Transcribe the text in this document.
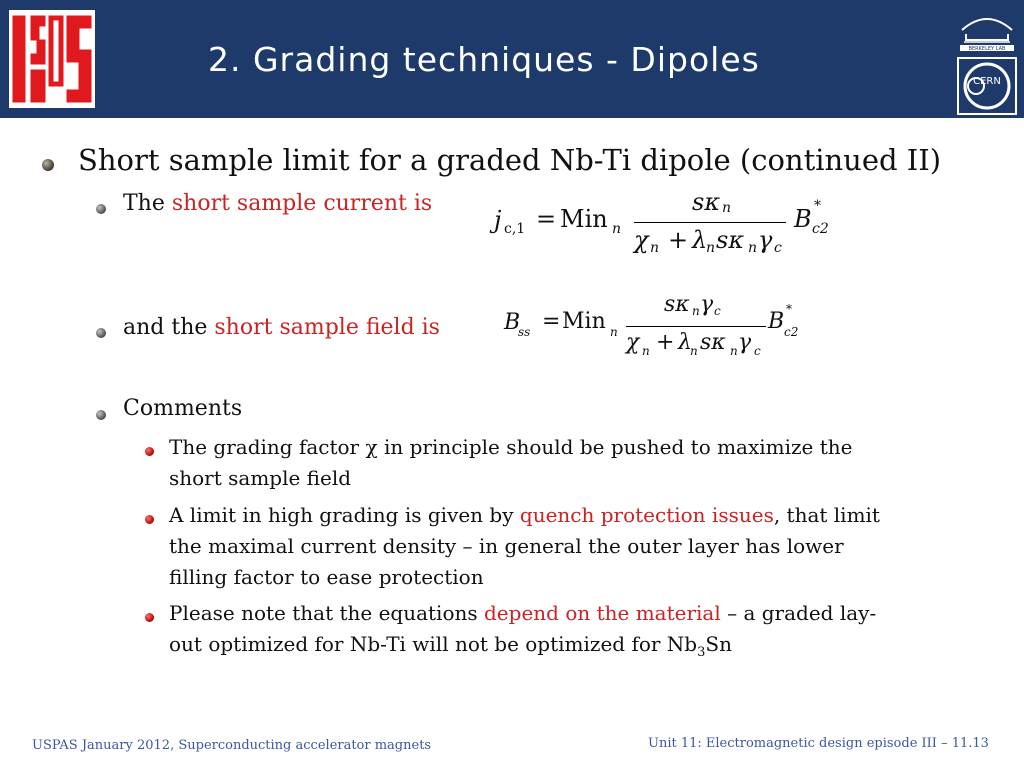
2. Grading techniques - Dipoles	BERKELEY LAB
CERN
Short sample limit for a graded Nb-Ti dipole (continued II)
The short sample current is
j c,1 = Min n
sκ n
χ n + λ
n sκ n γ c
B *
c2
and the short sample field is	B
ss = Min n
sκ n γ c
χ n + λ
n sκ n γ c
B *
c2
Comments
The grading factor χ in principle should be pushed to maximize the
short sample field
A limit in high grading is given by quench protection issues, that limit
the maximal current density – in general the outer layer has lower
filling factor to ease protection
Please note that the equations depend on the material – a graded lay-
out optimized for Nb-Ti will not be optimized for $Nb_3Sn$
USPAS January 2012, Superconducting accelerator magnets	Unit 11: Electromagnetic design episode III – 11.13
